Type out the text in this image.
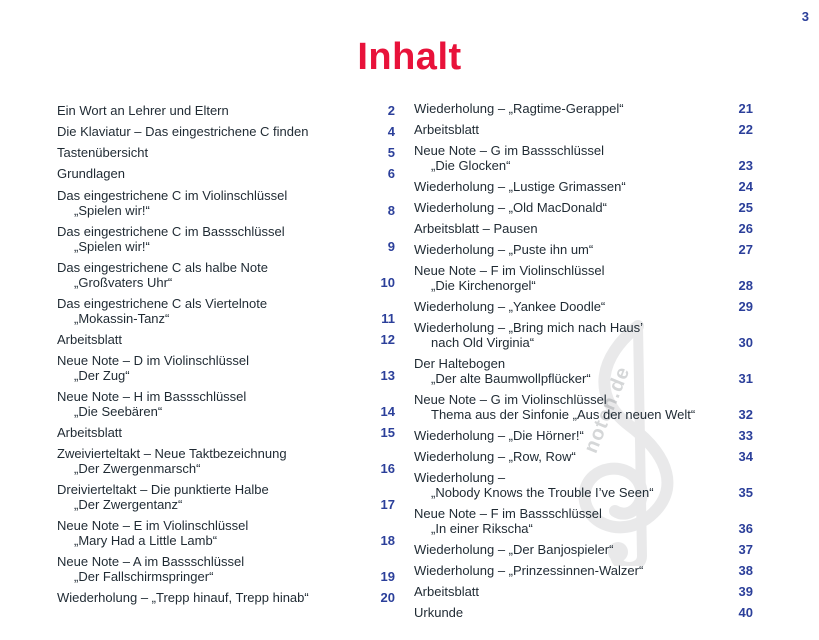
3
Inhalt
noten.de
Ein Wort an Lehrer und Eltern	2
Die Klaviatur – Das eingestrichene C finden	4
Tastenübersicht	5
Grundlagen	6
Das eingestrichene C im Violinschlüssel
„Spielen wir!“	8
Das eingestrichene C im Bassschlüssel
„Spielen wir!“	9
Das eingestrichene C als halbe Note
„Großvaters Uhr“	10
Das eingestrichene C als Viertelnote
„Mokassin-Tanz“	11
Arbeitsblatt	12
Neue Note – D im Violinschlüssel
„Der Zug“	13
Neue Note – H im Bassschlüssel
„Die Seebären“	14
Arbeitsblatt	15
Zweivierteltakt – Neue Taktbezeichnung
„Der Zwergenmarsch“	16
Dreivierteltakt – Die punktierte Halbe
„Der Zwergentanz“	17
Neue Note – E im Violinschlüssel
„Mary Had a Little Lamb“	18
Neue Note – A im Bassschlüssel
„Der Fallschirmspringer“	19
Wiederholung – „Trepp hinauf, Trepp hinab“	20
Wiederholung – „Ragtime-Gerappel“	21
Arbeitsblatt	22
Neue Note – G im Bassschlüssel
„Die Glocken“	23
Wiederholung – „Lustige Grimassen“	24
Wiederholung – „Old MacDonald“	25
Arbeitsblatt – Pausen	26
Wiederholung – „Puste ihn um“	27
Neue Note – F im Violinschlüssel
„Die Kirchenorgel“	28
Wiederholung – „Yankee Doodle“	29
Wiederholung – „Bring mich nach Haus’
nach Old Virginia“	30
Der Haltebogen
„Der alte Baumwollpflücker“	31
Neue Note – G im Violinschlüssel
Thema aus der Sinfonie „Aus der neuen Welt“	32
Wiederholung – „Die Hörner!“	33
Wiederholung – „Row, Row“	34
Wiederholung –
„Nobody Knows the Trouble I’ve Seen“	35
Neue Note – F im Bassschlüssel
„In einer Rikscha“	36
Wiederholung – „Der Banjospieler“	37
Wiederholung – „Prinzessinnen-Walzer“	38
Arbeitsblatt	39
Urkunde	40
